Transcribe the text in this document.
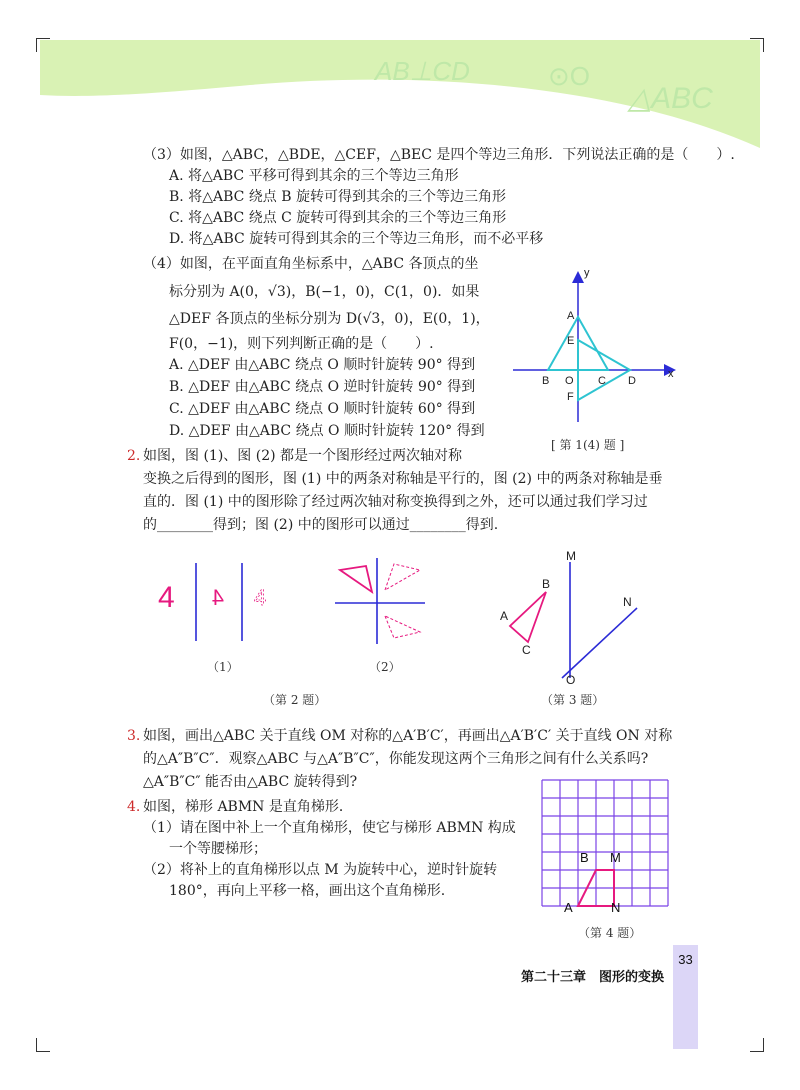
AB⊥CD	⊙O
△ABC
（3）如图，△ABC，△BDE，△CEF，△BEC 是四个等边三角形．下列说法正确的是（　　）.
A. 将△ABC 平移可得到其余的三个等边三角形
B. 将△ABC 绕点 B 旋转可得到其余的三个等边三角形
C. 将△ABC 绕点 C 旋转可得到其余的三个等边三角形
D. 将△ABC 旋转可得到其余的三个等边三角形，而不必平移
（4）如图，在平面直角坐标系中，△ABC 各顶点的坐
标分别为 A(0，√3)，B(−1，0)，C(1，0)．如果
△DEF 各顶点的坐标分别为 D(√3，0)，E(0，1)，
F(0，−1)，则下列判断正确的是（　　）.
A. △DEF 由△ABC 绕点 O 顺时针旋转 90° 得到
B. △DEF 由△ABC 绕点 O 逆时针旋转 90° 得到
C. △DEF 由△ABC 绕点 O 顺时针旋转 60° 得到
D. △DEF 由△ABC 绕点 O 顺时针旋转 120° 得到
x
y
A
B O C D
E
F
[ 第 1(4) 题 ]
2. 如图，图 (1)、图 (2) 都是一个图形经过两次轴对称
变换之后得到的图形，图 (1) 中的两条对称轴是平行的，图 (2) 中的两条对称轴是垂
直的．图 (1) 中的图形除了经过两次轴对称变换得到之外，还可以通过我们学习过
的________得到；图 (2) 中的图形可以通过________得到.
4 4 4
（1）	（2）
（第 2 题）
M
B
A
C
N
O
（第 3 题）
3. 如图，画出△ABC 关于直线 OM 对称的△A′B′C′，再画出△A′B′C′ 关于直线 ON 对称
的△A″B″C″．观察△ABC 与△A″B″C″，你能发现这两个三角形之间有什么关系吗?
△A″B″C″ 能否由△ABC 旋转得到?
4. 如图，梯形 ABMN 是直角梯形．
（1）请在图中补上一个直角梯形，使它与梯形 ABMN 构成
一个等腰梯形；
（2）将补上的直角梯形以点 M 为旋转中心，逆时针旋转
180°，再向上平移一格，画出这个直角梯形.
B M
A	N
（第 4 题）
33
第二十三章　图形的变换
